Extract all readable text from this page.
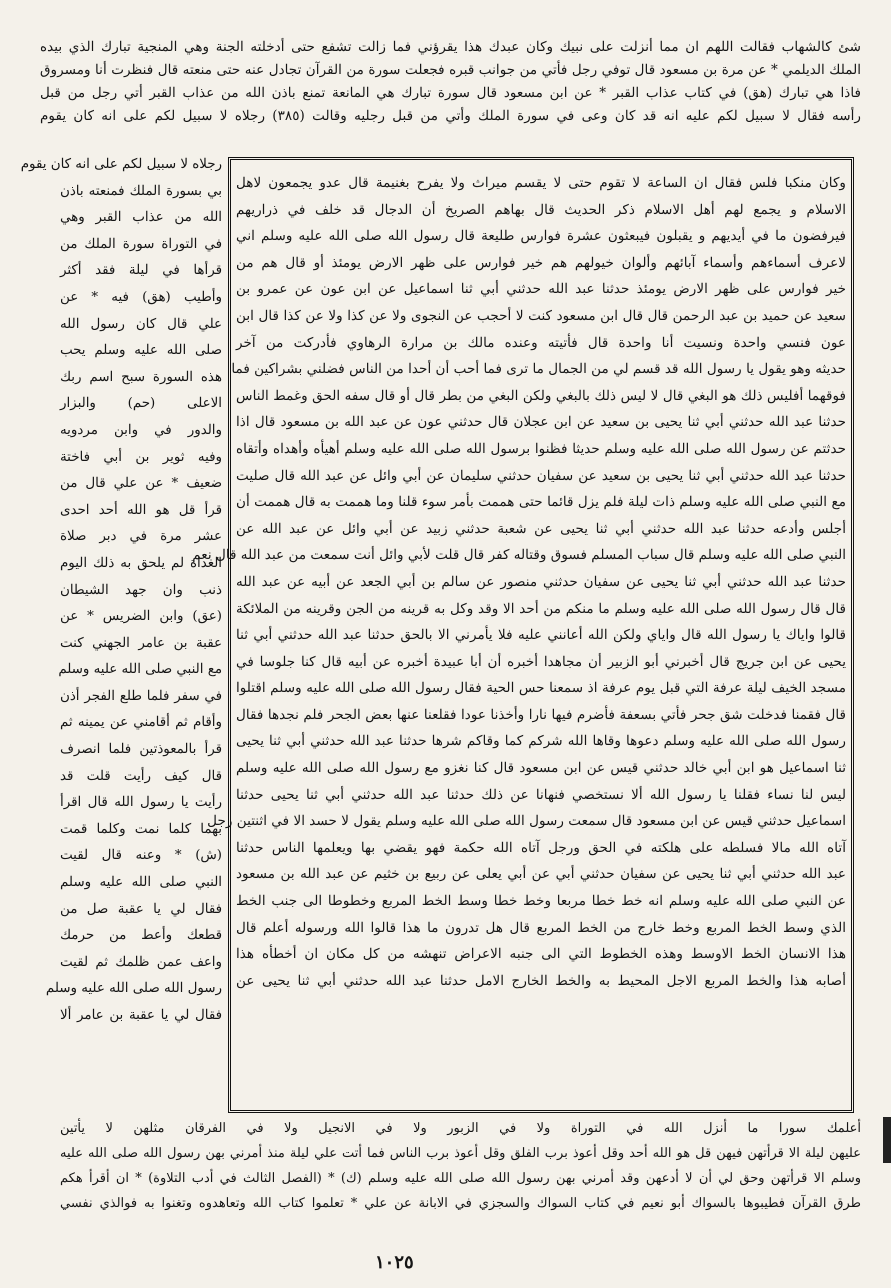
شئ كالشهاب فقالت اللهم ان مما أنزلت على نبيك وكان عبدك هذا يقرؤني فما زالت تشفع حتى أدخلته الجنة وهي المنجية تبارك الذي بيده
الملك الديلمي * عن مرة بن مسعود قال توفي رجل فأتي من جوانب قبره فجعلت سورة من القرآن تجادل عنه حتى منعته قال فنظرت أنا ومسروق
فاذا هي تبارك (هق) في كتاب عذاب القبر * عن ابن مسعود قال سورة تبارك هي المانعة تمنع باذن الله من عذاب القبر أتي رجل من قبل
رأسه فقال لا سبيل لكم عليه انه قد كان وعى في سورة الملك وأتي من قبل رجليه وقالت (٣٨٥) رجلاه لا سبيل لكم على انه كان يقوم
وكان منكبا فلس فقال ان الساعة لا تقوم حتى لا يقسم ميراث ولا يفرح بغنيمة قال عدو يجمعون لاهل
الاسلام و يجمع لهم أهل الاسلام ذكر الحديث قال بهاهم الصريخ أن الدجال قد خلف في ذراريهم
فيرفضون ما في أيديهم و يقبلون فيبعثون عشرة فوارس طليعة قال رسول الله صلى الله عليه وسلم اني
لاعرف أسماءهم وأسماء آبائهم وألوان خيولهم هم خير فوارس على ظهر الارض يومئذ أو قال هم من
خير فوارس على ظهر الارض يومئذ حدثنا عبد الله حدثني أبي ثنا اسماعيل عن ابن عون عن عمرو بن
سعيد عن حميد بن عبد الرحمن قال قال ابن مسعود كنت لا أحجب عن النجوى ولا عن كذا ولا عن كذا قال ابن
عون فنسي واحدة ونسيت أنا واحدة قال فأتيته وعنده مالك بن مرارة الرهاوي فأدركت من آخر
حديثه وهو يقول يا رسول الله قد قسم لي من الجمال ما ترى فما أحب أن أحدا من الناس فضلني بشراكين فما
فوقهما أفليس ذلك هو البغي قال لا ليس ذلك بالبغي ولكن البغي من بطر قال أو قال سفه الحق وغمط الناس
حدثنا عبد الله حدثني أبي ثنا يحيى بن سعيد عن ابن عجلان قال حدثني عون عن عبد الله بن مسعود قال اذا
حدثتم عن رسول الله صلى الله عليه وسلم حديثا فظنوا برسول الله صلى الله عليه وسلم أهيأه وأهداه وأتقاه
حدثنا عبد الله حدثني أبي ثنا يحيى بن سعيد عن سفيان حدثني سليمان عن أبي وائل عن عبد الله قال صليت
مع النبي صلى الله عليه وسلم ذات ليلة فلم يزل قائما حتى هممت بأمر سوء قلنا وما هممت به قال هممت أن
أجلس وأدعه حدثنا عبد الله حدثني أبي ثنا يحيى عن شعبة حدثني زبيد عن أبي وائل عن عبد الله عن
النبي صلى الله عليه وسلم قال سباب المسلم فسوق وقتاله كفر قال قلت لأبي وائل أنت سمعت من عبد الله قال نعم
حدثنا عبد الله حدثني أبي ثنا يحيى عن سفيان حدثني منصور عن سالم بن أبي الجعد عن أبيه عن عبد الله
قال قال رسول الله صلى الله عليه وسلم ما منكم من أحد الا وقد وكل به قرينه من الجن وقرينه من الملائكة
قالوا واياك يا رسول الله قال واياي ولكن الله أعانني عليه فلا يأمرني الا بالحق حدثنا عبد الله حدثني أبي ثنا
يحيى عن ابن جريج قال أخبرني أبو الزبير أن مجاهدا أخبره أن أبا عبيدة أخبره عن أبيه قال كنا جلوسا في
مسجد الخيف ليلة عرفة التي قبل يوم عرفة اذ سمعنا حس الحية فقال رسول الله صلى الله عليه وسلم اقتلوا
قال فقمنا فدخلت شق جحر فأتي بسعفة فأضرم فيها نارا وأخذنا عودا فقلعنا عنها بعض الجحر فلم نجدها فقال
رسول الله صلى الله عليه وسلم دعوها وقاها الله شركم كما وقاكم شرها حدثنا عبد الله حدثني أبي ثنا يحيى
ثنا اسماعيل هو ابن أبي خالد حدثني قيس عن ابن مسعود قال كنا نغزو مع رسول الله صلى الله عليه وسلم
ليس لنا نساء فقلنا يا رسول الله ألا نستخصي فنهانا عن ذلك حدثنا عبد الله حدثني أبي ثنا يحيى حدثنا
اسماعيل حدثني قيس عن ابن مسعود قال سمعت رسول الله صلى الله عليه وسلم يقول لا حسد الا في اثنتين رجل
آتاه الله مالا فسلطه على هلكته في الحق ورجل آتاه الله حكمة فهو يقضي بها ويعلمها الناس حدثنا
عبد الله حدثني أبي ثنا يحيى عن سفيان حدثني أبي عن أبي يعلى عن ربيع بن خثيم عن عبد الله بن مسعود
عن النبي صلى الله عليه وسلم انه خط خطا مربعا وخط خطا وسط الخط المربع وخطوطا الى جنب الخط
الذي وسط الخط المربع وخط خارج من الخط المربع قال هل تدرون ما هذا قالوا الله ورسوله أعلم قال
هذا الانسان الخط الاوسط وهذه الخطوط التي الى جنبه الاعراض تنهشه من كل مكان ان أخطأه هذا
أصابه هذا والخط المربع الاجل المحيط به والخط الخارج الامل حدثنا عبد الله حدثني أبي ثنا يحيى عن
رجلاه لا سبيل لكم على انه كان يقوم
بي بسورة الملك فمنعته باذن
الله من عذاب القبر وهي
في التوراة سورة الملك من
قرأها في ليلة فقد أكثر
وأطيب (هق) فيه * عن
علي قال كان رسول الله
صلى الله عليه وسلم يحب
هذه السورة سبح اسم ربك
الاعلى (حم) والبزار
والدور في وابن مردويه
وفيه ثوير بن أبي فاختة
ضعيف * عن علي قال من
قرأ قل هو الله أحد احدى
عشر مرة في دبر صلاة
الغداة لم يلحق به ذلك اليوم
ذنب وان جهد الشيطان
(عق) وابن الضريس * عن
عقبة بن عامر الجهني كنت
مع النبي صلى الله عليه وسلم
في سفر فلما طلع الفجر أذن
وأقام ثم أقامني عن يمينه ثم
قرأ بالمعوذتين فلما انصرف
قال كيف رأيت قلت قد
رأيت يا رسول الله قال اقرأ
بهما كلما نمت وكلما قمت
(ش) * وعنه قال لقيت
النبي صلى الله عليه وسلم
فقال لي يا عقبة صل من
قطعك وأعط من حرمك
واعف عمن ظلمك ثم لقيت
رسول الله صلى الله عليه وسلم
فقال لي يا عقبة بن عامر ألا
أعلمك سورا ما أنزل الله في التوراة ولا في الزبور ولا في الانجيل ولا في الفرقان مثلهن لا يأتين
عليهن ليلة الا قرأتهن فيهن قل هو الله أحد وقل أعوذ برب الفلق وقل أعوذ برب الناس فما أتت علي ليلة منذ أمرني بهن رسول الله صلى الله عليه
وسلم الا قرأتهن وحق لي أن لا أدعهن وقد أمرني بهن رسول الله صلى الله عليه وسلم (ك) * (الفصل الثالث في أدب التلاوة) * ان أقرأ هكم
طرق القرآن فطيبوها بالسواك أبو نعيم في كتاب السواك والسجزي في الابانة عن علي * تعلموا كتاب الله وتعاهدوه وتغنوا به فوالذي نفسي
١٠٢٥
